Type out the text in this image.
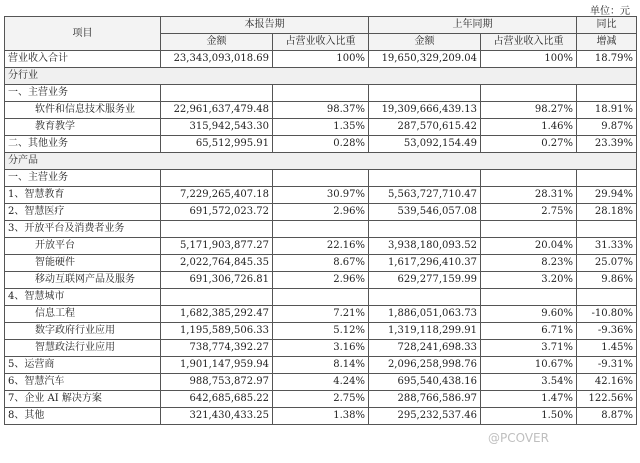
单位：元
项目	本报告期		上年同期		同比
	金额	占营业收入比重	金额	占营业收入比重	增减
营业收入合计	23,343,093,018.69	100%	19,650,329,209.04	100%	18.79%
分行业					
一、主营业务					
软件和信息技术服务业	22,961,637,479.48	98.37%	19,309,666,439.13	98.27%	18.91%
教育教学	315,942,543.30	1.35%	287,570,615.42	1.46%	9.87%
二、其他业务	65,512,995.91	0.28%	53,092,154.49	0.27%	23.39%
分产品					
一、主营业务					
1、智慧教育	7,229,265,407.18	30.97%	5,563,727,710.47	28.31%	29.94%
2、智慧医疗	691,572,023.72	2.96%	539,546,057.08	2.75%	28.18%
3、开放平台及消费者业务					
开放平台	5,171,903,877.27	22.16%	3,938,180,093.52	20.04%	31.33%
智能硬件	2,022,764,845.35	8.67%	1,617,296,410.37	8.23%	25.07%
移动互联网产品及服务	691,306,726.81	2.96%	629,277,159.99	3.20%	9.86%
4、智慧城市					
信息工程	1,682,385,292.47	7.21%	1,886,051,063.73	9.60%	-10.80%
数字政府行业应用	1,195,589,506.33	5.12%	1,319,118,299.91	6.71%	-9.36%
智慧政法行业应用	738,774,392.27	3.16%	728,241,698.33	3.71%	1.45%
5、运营商	1,901,147,959.94	8.14%	2,096,258,998.76	10.67%	-9.31%
6、智慧汽车	988,753,872.97	4.24%	695,540,438.16	3.54%	42.16%
7、企业 AI 解决方案	642,685,685.22	2.75%	288,766,586.97	1.47%	122.56%
8、其他	321,430,433.25	1.38%	295,232,537.46	1.50%	8.87%
@PCOVER
